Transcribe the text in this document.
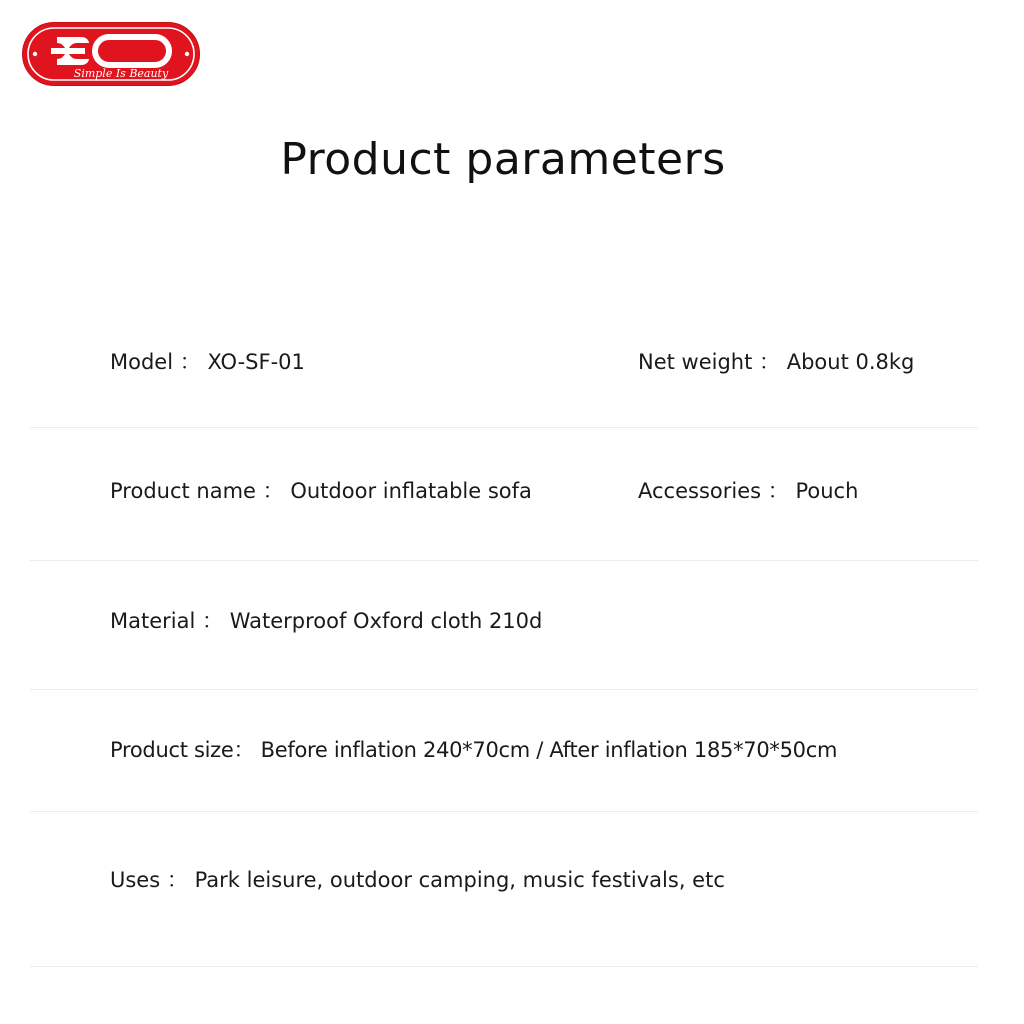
Simple Is Beauty
Product parameters
Model ： XO-SF-01	Net weight ： About 0.8kg
Product name ： Outdoor inflatable sofa	Accessories ： Pouch
Material ： Waterproof Oxford cloth 210d
Product size： Before inflation 240*70cm / After inflation 185*70*50cm
Uses ： Park leisure, outdoor camping, music festivals, etc
